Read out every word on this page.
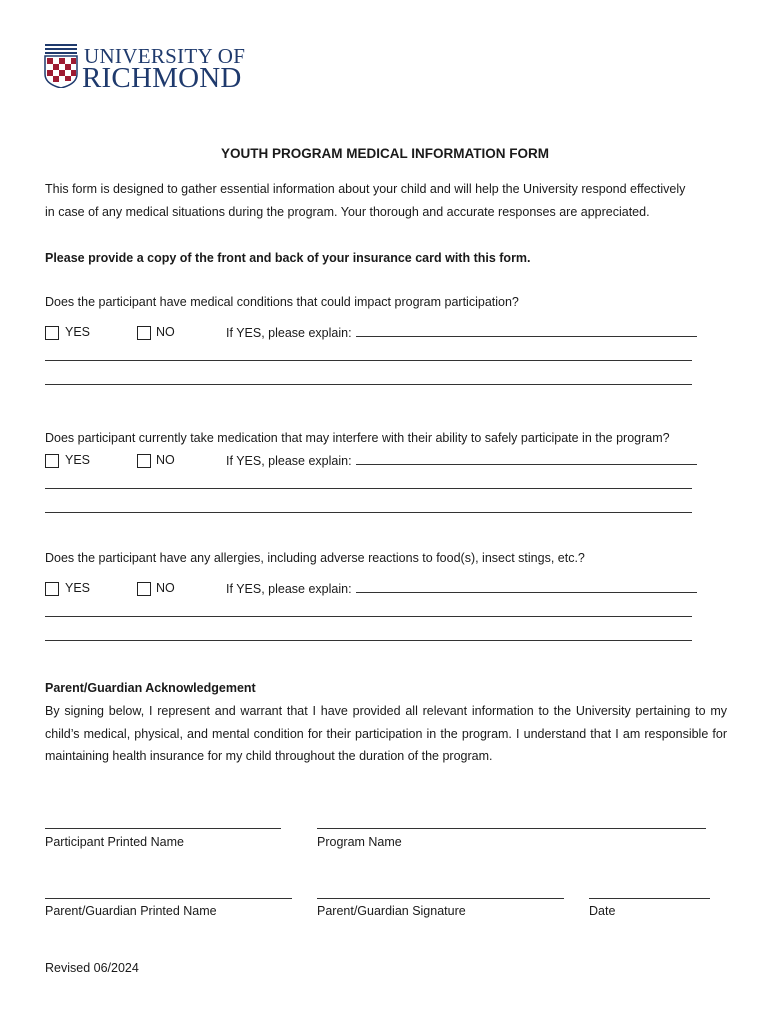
UNIVERSITY OF
RICHMOND
YOUTH PROGRAM MEDICAL INFORMATION FORM
This form is designed to gather essential information about your child and will help the University respond effectively
in case of any medical situations during the program. Your thorough and accurate responses are appreciated.
Please provide a copy of the front and back of your insurance card with this form.
Does the participant have medical conditions that could impact program participation?
YES	NO	If YES, please explain:
Does participant currently take medication that may interfere with their ability to safely participate in the program?
YES	NO	If YES, please explain:
Does the participant have any allergies, including adverse reactions to food(s), insect stings, etc.?
YES	NO	If YES, please explain:
Parent/Guardian Acknowledgement
By signing below, I represent and warrant that I have provided all relevant information to the University pertaining to my child’s medical, physical, and mental condition for their participation in the program. I understand that I am responsible for maintaining health insurance for my child throughout the duration of the program.
Participant Printed Name	Program Name
Parent/Guardian Printed Name	Parent/Guardian Signature	Date
Revised 06/2024
